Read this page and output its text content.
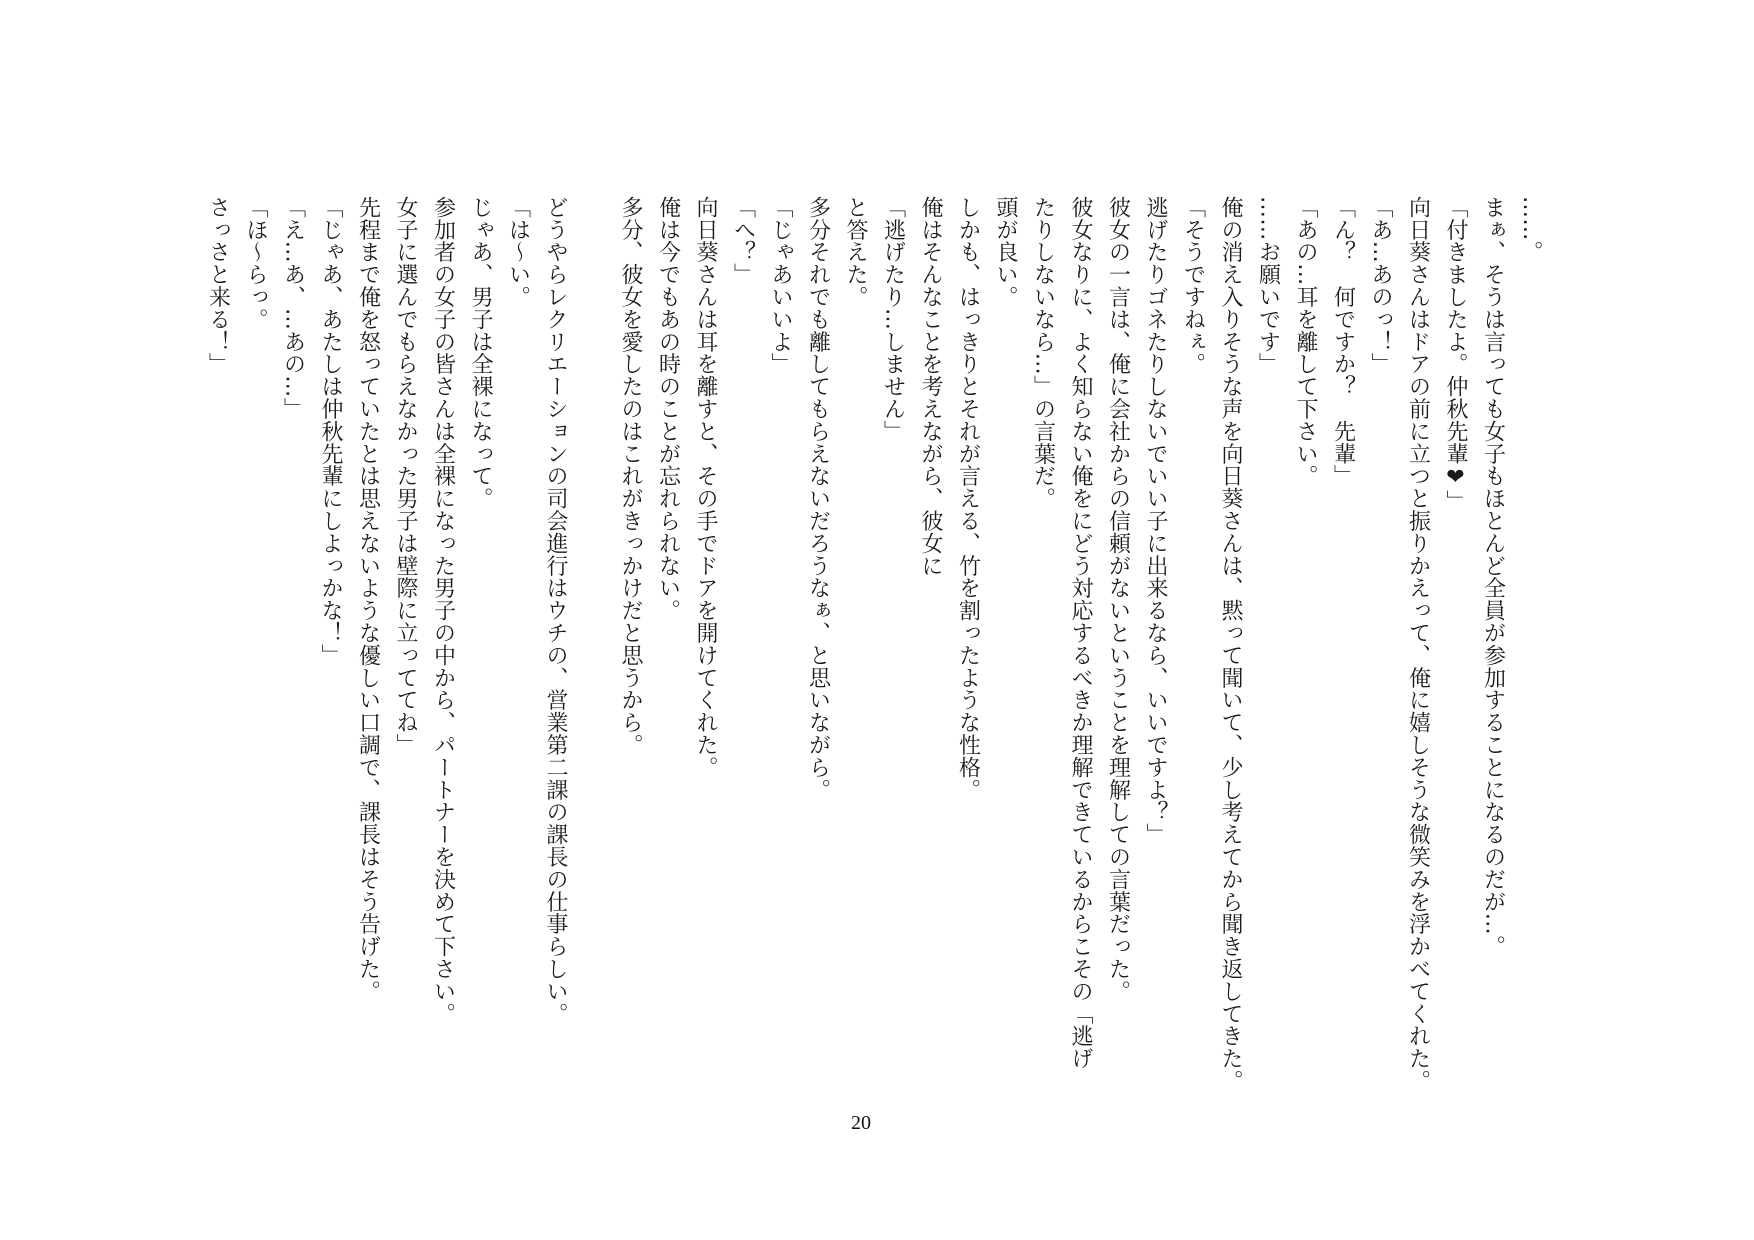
……。
まぁ、そうは言っても女子もほとんど全員が参加することになるのだが…。
「付きましたよ。仲秋先輩❤」
向日葵さんはドアの前に立つと振りかえって、俺に嬉しそうな微笑みを浮かべてくれた。
「あ…あのっ！」
「ん？　何ですか？　先輩」
「あの…耳を離して下さい。
……お願いです」
俺の消え入りそうな声を向日葵さんは、黙って聞いて、少し考えてから聞き返してきた。
「そうですねぇ。
逃げたりゴネたりしないでいい子に出来るなら、いいですよ？」
彼女の一言は、俺に会社からの信頼がないということを理解しての言葉だった。
彼女なりに、よく知らない俺をにどう対応するべきか理解できているからこその「逃げ
たりしないなら…」の言葉だ。
頭が良い。
しかも、はっきりとそれが言える、竹を割ったような性格。
俺はそんなことを考えながら、彼女に
「逃げたり…しません」
と答えた。
多分それでも離してもらえないだろうなぁ、と思いながら。
「じゃあいいよ」
「へ？」
向日葵さんは耳を離すと、その手でドアを開けてくれた。
俺は今でもあの時のことが忘れられない。
多分、彼女を愛したのはこれがきっかけだと思うから。

どうやらレクリエーションの司会進行はウチの、営業第二課の課長の仕事らしい。
「は～い。
じゃあ、男子は全裸になって。
参加者の女子の皆さんは全裸になった男子の中から、パートナーを決めて下さい。
女子に選んでもらえなかった男子は壁際に立っててね」
先程まで俺を怒っていたとは思えないような優しい口調で、課長はそう告げた。
「じゃあ、あたしは仲秋先輩にしよっかな！」
「え…あ、…あの…」
「ほ～らっ。
さっさと来る！」
20
